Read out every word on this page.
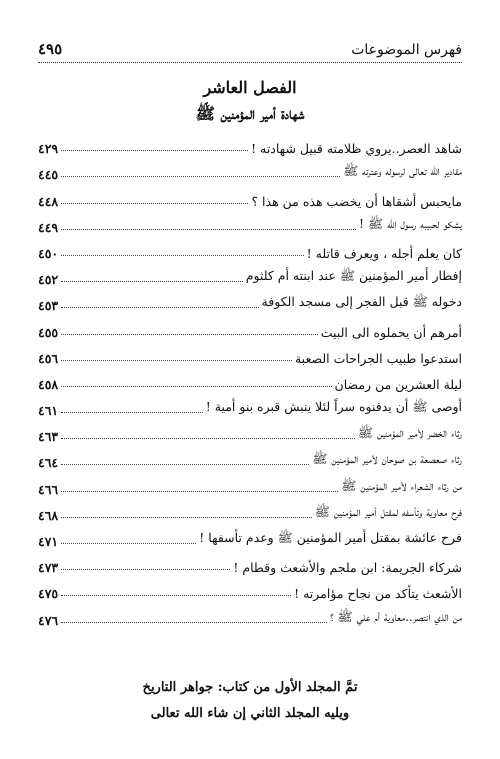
فهرس الموضوعات
٤٩٥
الفصل العاشر
شهادة أمير المؤمنين ﷺ
شاهد العصر..يروي ظلامته قبيل شهادته !
٤٢٩
مقادير الله تعالى لرسوله وعترته ﷺ
٤٤٥
مايحبس أشقاها أن يخضب هذه من هذا ؟
٤٤٨
يشكو لحبيبه رسول الله ﷺ !
٤٤٩
كان يعلم أجله ، ويعرف قاتله !
٤٥٠
إفطار أمير المؤمنين ﷺ عند ابنته أم كلثوم
٤٥٢
دخوله ﷺ قبل الفجر إلى مسجد الكوفة
٤٥٣
أمرهم أن يحملوه الى البيت
٤٥٥
استدعوا طبيب الجراحات الصعبة
٤٥٦
ليلة العشرين من رمضان
٤٥٨
أوصى ﷺ أن يدفنوه سراً لئلا ينبش قبره بنو أمية !
٤٦١
رثاء الخضر لأمير المؤمنين ﷺ
٤٦٣
رثاء صعصعة بن صوحان لأمير المؤمنين ﷺ
٤٦٤
من رثاء الشعراء لأمير المؤمنين ﷺ
٤٦٦
فرح معاوية وتأسفه لمقتل أمير المؤمنين ﷺ
٤٦٨
فرح عائشة بمقتل أمير المؤمنين ﷺ وعدم تأسفها !
٤٧١
شركاء الجريمة: ابن ملجم والأشعث وقطام !
٤٧٣
الأشعث يتأكد من نجاح مؤامرته !
٤٧٥
من الذي انتصر..معاوية أم علي ﷺ ؟
٤٧٦
تمَّ المجلد الأول من كتاب: جواهر التاريخ
ويليه المجلد الثاني إن شاء الله تعالى
